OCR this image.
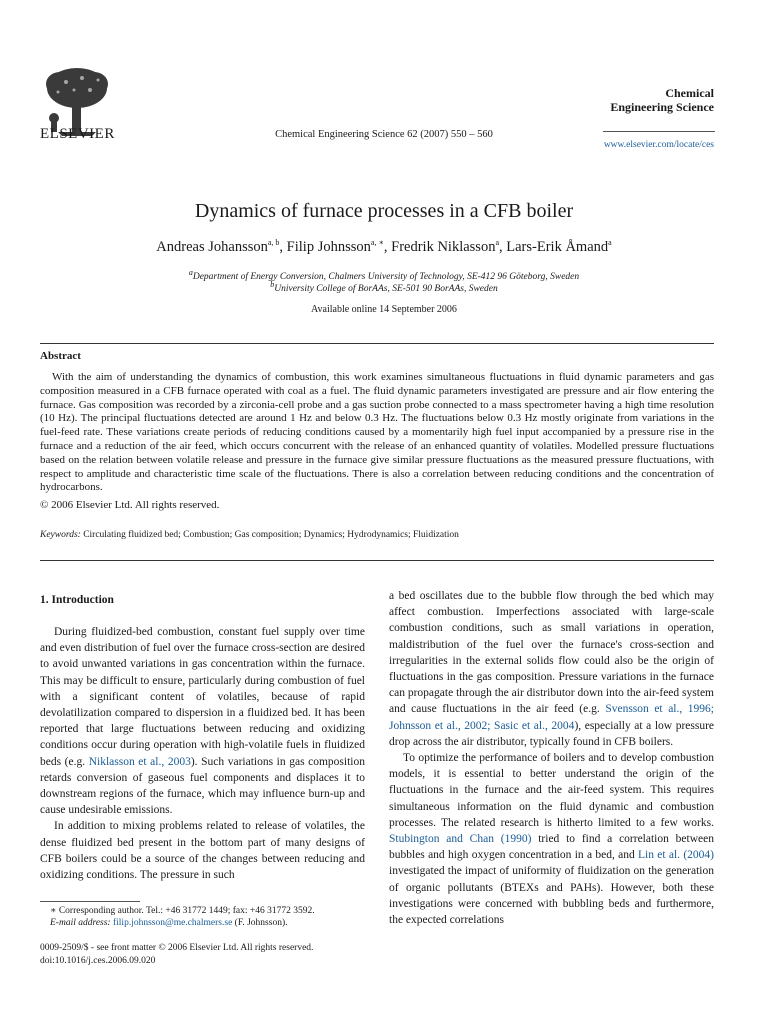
ELSEVIER	Chemical Engineering Science 62 (2007) 550 – 560
Chemical
Engineering Science
www.elsevier.com/locate/ces
Dynamics of furnace processes in a CFB boiler
Andreas Johansson$^{a, b}$, Filip Johnsson$^{a, ∗}$, Fredrik Niklasson$^a$, Lars-Erik Åmand$^a$
$^a$Department of Energy Conversion, Chalmers University of Technology, SE-412 96 Göteborg, Sweden
$^b$University College of BorAAs, SE-501 90 BorAAs, Sweden
Available online 14 September 2006
Abstract
With the aim of understanding the dynamics of combustion, this work examines simultaneous fluctuations in fluid dynamic parameters and gas composition measured in a CFB furnace operated with coal as a fuel. The fluid dynamic parameters investigated are pressure and air flow entering the furnace. Gas composition was recorded by a zirconia-cell probe and a gas suction probe connected to a mass spectrometer having a high time resolution (10 Hz). The principal fluctuations detected are around 1 Hz and below 0.3 Hz. The fluctuations below 0.3 Hz mostly originate from variations in the fuel-feed rate. These variations create periods of reducing conditions caused by a momentarily high fuel input accompanied by a pressure rise in the furnace and a reduction of the air feed, which occurs concurrent with the release of an enhanced quantity of volatiles. Modelled pressure fluctuations based on the relation between volatile release and pressure in the furnace give similar pressure fluctuations as the measured pressure fluctuations, with respect to amplitude and characteristic time scale of the fluctuations. There is also a correlation between reducing conditions and the concentration of hydrocarbons.
© 2006 Elsevier Ltd. All rights reserved.
Keywords: Circulating fluidized bed; Combustion; Gas composition; Dynamics; Hydrodynamics; Fluidization
1. Introduction

During fluidized-bed combustion, constant fuel supply over time and even distribution of fuel over the furnace cross-section are desired to avoid unwanted variations in gas concentration within the furnace. This may be difficult to ensure, particularly during combustion of fuel with a significant content of volatiles, because of rapid devolatilization compared to dispersion in a fluidized bed. It has been reported that large fluctuations between reducing and oxidizing conditions occur during operation with high-volatile fuels in fluidized beds (e.g. Niklasson et al., 2003). Such variations in gas composition retards conversion of gaseous fuel components and displaces it to downstream regions of the furnace, which may influence burn-up and cause undesirable emissions.

In addition to mixing problems related to release of volatiles, the dense fluidized bed present in the bottom part of many designs of CFB boilers could be a source of the changes between reducing and oxidizing conditions. The pressure in such

a bed oscillates due to the bubble flow through the bed which may affect combustion. Imperfections associated with large-scale combustion conditions, such as small variations in operation, maldistribution of the fuel over the furnace's cross-section and irregularities in the external solids flow could also be the origin of fluctuations in the gas composition. Pressure variations in the furnace can propagate through the air distributor down into the air-feed system and cause fluctuations in the air feed (e.g. Svensson et al., 1996; Johnsson et al., 2002; Sasic et al., 2004), especially at a low pressure drop across the air distributor, typically found in CFB boilers.

To optimize the performance of boilers and to develop combustion models, it is essential to better understand the origin of the fluctuations in the furnace and the air-feed system. This requires simultaneous information on the fluid dynamic and combustion processes. The related research is hitherto limited to a few works. Stubington and Chan (1990) tried to find a correlation between bubbles and high oxygen concentration in a bed, and Lin et al. (2004) investigated the impact of uniformity of fluidization on the generation of organic pollutants (BTEXs and PAHs). However, both these investigations were concerned with bubbling beds and furthermore, the expected correlations

∗ Corresponding author. Tel.: +46 31772 1449; fax: +46 31772 3592.
E-mail address: filip.johnsson@me.chalmers.se (F. Johnsson).
0009-2509/$ - see front matter © 2006 Elsevier Ltd. All rights reserved.
doi:10.1016/j.ces.2006.09.020
